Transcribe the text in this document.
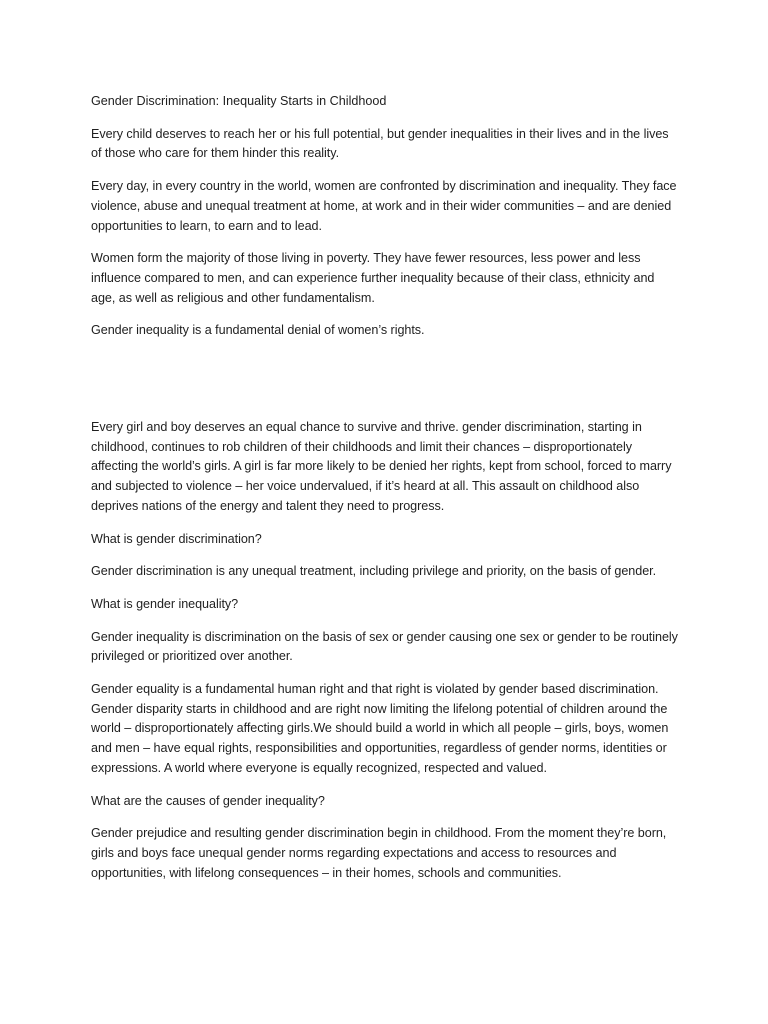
Gender Discrimination: Inequality Starts in Childhood

Every child deserves to reach her or his full potential, but gender inequalities in their lives and in the lives of those who care for them hinder this reality.

Every day, in every country in the world, women are confronted by discrimination and inequality. They face violence, abuse and unequal treatment at home, at work and in their wider communities – and are denied opportunities to learn, to earn and to lead.

Women form the majority of those living in poverty. They have fewer resources, less power and less influence compared to men, and can experience further inequality because of their class, ethnicity and age, as well as religious and other fundamentalism.

Gender inequality is a fundamental denial of women’s rights.

Every girl and boy deserves an equal chance to survive and thrive. gender discrimination, starting in childhood, continues to rob children of their childhoods and limit their chances – disproportionately affecting the world’s girls. A girl is far more likely to be denied her rights, kept from school, forced to marry and subjected to violence – her voice undervalued, if it’s heard at all. This assault on childhood also deprives nations of the energy and talent they need to progress.

What is gender discrimination?

Gender discrimination is any unequal treatment, including privilege and priority, on the basis of gender.

What is gender inequality?

Gender inequality is discrimination on the basis of sex or gender causing one sex or gender to be routinely privileged or prioritized over another.

Gender equality is a fundamental human right and that right is violated by gender based discrimination. Gender disparity starts in childhood and are right now limiting the lifelong potential of children around the world – disproportionately affecting girls.We should build a world in which all people – girls, boys, women and men – have equal rights, responsibilities and opportunities, regardless of gender norms, identities or expressions. A world where everyone is equally recognized, respected and valued.

What are the causes of gender inequality?

Gender prejudice and resulting gender discrimination begin in childhood. From the moment they’re born, girls and boys face unequal gender norms regarding expectations and access to resources and opportunities, with lifelong consequences – in their homes, schools and communities.
